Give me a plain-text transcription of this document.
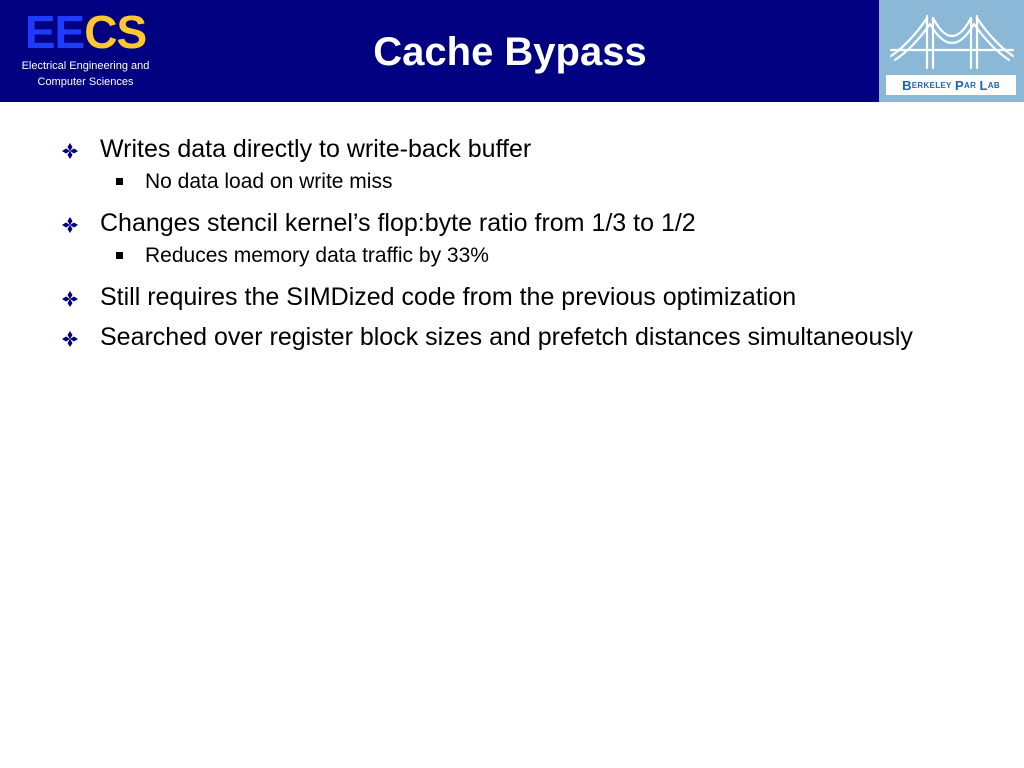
EECS
Electrical Engineering and
Computer Sciences
Cache Bypass
B erkeley
P ar
L ab
Writes data directly to write-back buffer
No data load on write miss
Changes stencil kernel’s flop:byte ratio from 1/3 to 1/2
Reduces memory data traffic by 33%
Still requires the SIMDized code from the previous optimization
Searched over register block sizes and prefetch distances simultaneously
